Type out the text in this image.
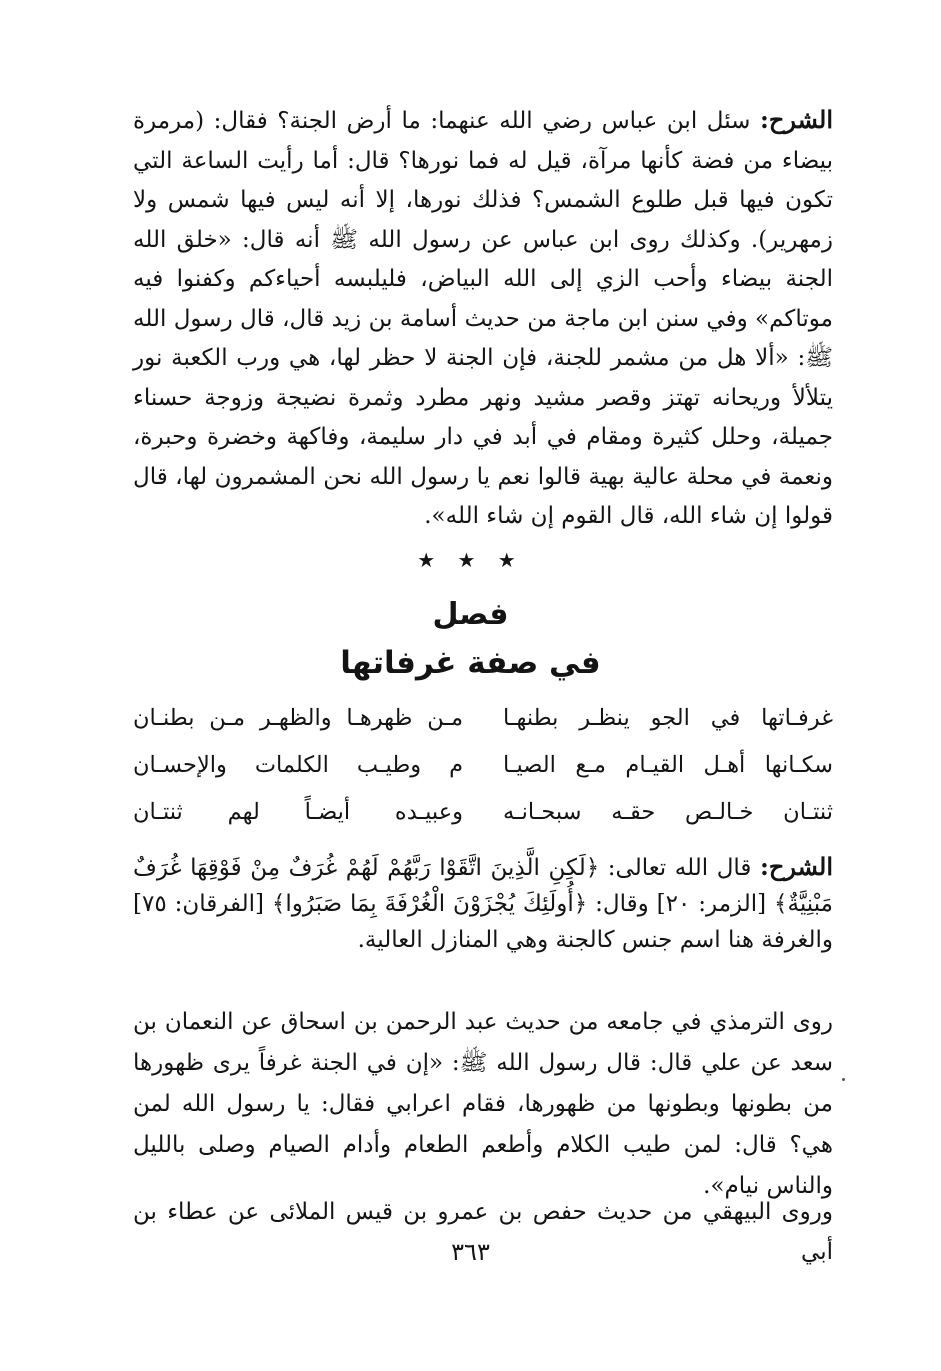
الشرح: سئل ابن عباس رضي الله عنهما: ما أرض الجنة؟ فقال: (مرمرة بيضاء من فضة كأنها مرآة، قيل له فما نورها؟ قال: أما رأيت الساعة التي تكون فيها قبل طلوع الشمس؟ فذلك نورها، إلا أنه ليس فيها شمس ولا زمهرير). وكذلك روى ابن عباس عن رسول الله ﷺ أنه قال: «خلق الله الجنة بيضاء وأحب الزي إلى الله البياض، فليلبسه أحياءكم وكفنوا فيه موتاكم» وفي سنن ابن ماجة من حديث أسامة بن زيد قال، قال رسول الله ﷺ: «ألا هل من مشمر للجنة، فإن الجنة لا حظر لها، هي ورب الكعبة نور يتلألأ وريحانه تهتز وقصر مشيد ونهر مطرد وثمرة نضيجة وزوجة حسناء جميلة، وحلل كثيرة ومقام في أبد في دار سليمة، وفاكهة وخضرة وحبرة، ونعمة في محلة عالية بهية قالوا نعم يا رسول الله نحن المشمرون لها، قال قولوا إن شاء الله، قال القوم إن شاء الله».
★ ★ ★
فصل
في صفة غرفاتها
غرفـاتها في الجو ينظـر بطنهـا
مـن ظهرهـا والظهـر مـن بطنـان
سكـانها أهـل القيـام مـع الصيـا
م وطيـب الكلمات والإحسـان
ثنتـان خـالـص حقـه سبحـانـه
وعبيـده أيضـاً لهم ثنتـان
الشرح: قال الله تعالى: ﴿لَكِنِ الَّذِينَ اتَّقَوْا رَبَّهُمْ لَهُمْ غُرَفٌ مِنْ فَوْقِهَا غُرَفٌ مَبْنِيَّةٌ﴾ [الزمر: ٢٠] وقال: ﴿أُولَئِكَ يُجْزَوْنَ الْغُرْفَةَ بِمَا صَبَرُوا﴾ [الفرقان: ٧٥] والغرفة هنا اسم جنس كالجنة وهي المنازل العالية.
روى الترمذي في جامعه من حديث عبد الرحمن بن اسحاق عن النعمان بن سعد عن علي قال: قال رسول الله ﷺ: «إن في الجنة غرفاً يرى ظهورها من بطونها وبطونها من ظهورها، فقام اعرابي فقال: يا رسول الله لمن هي؟ قال: لمن طيب الكلام وأطعم الطعام وأدام الصيام وصلى بالليل والناس نيام».
وروى البيهقي من حديث حفص بن عمرو بن قيس الملائى عن عطاء بن أبي
٣٦٣
